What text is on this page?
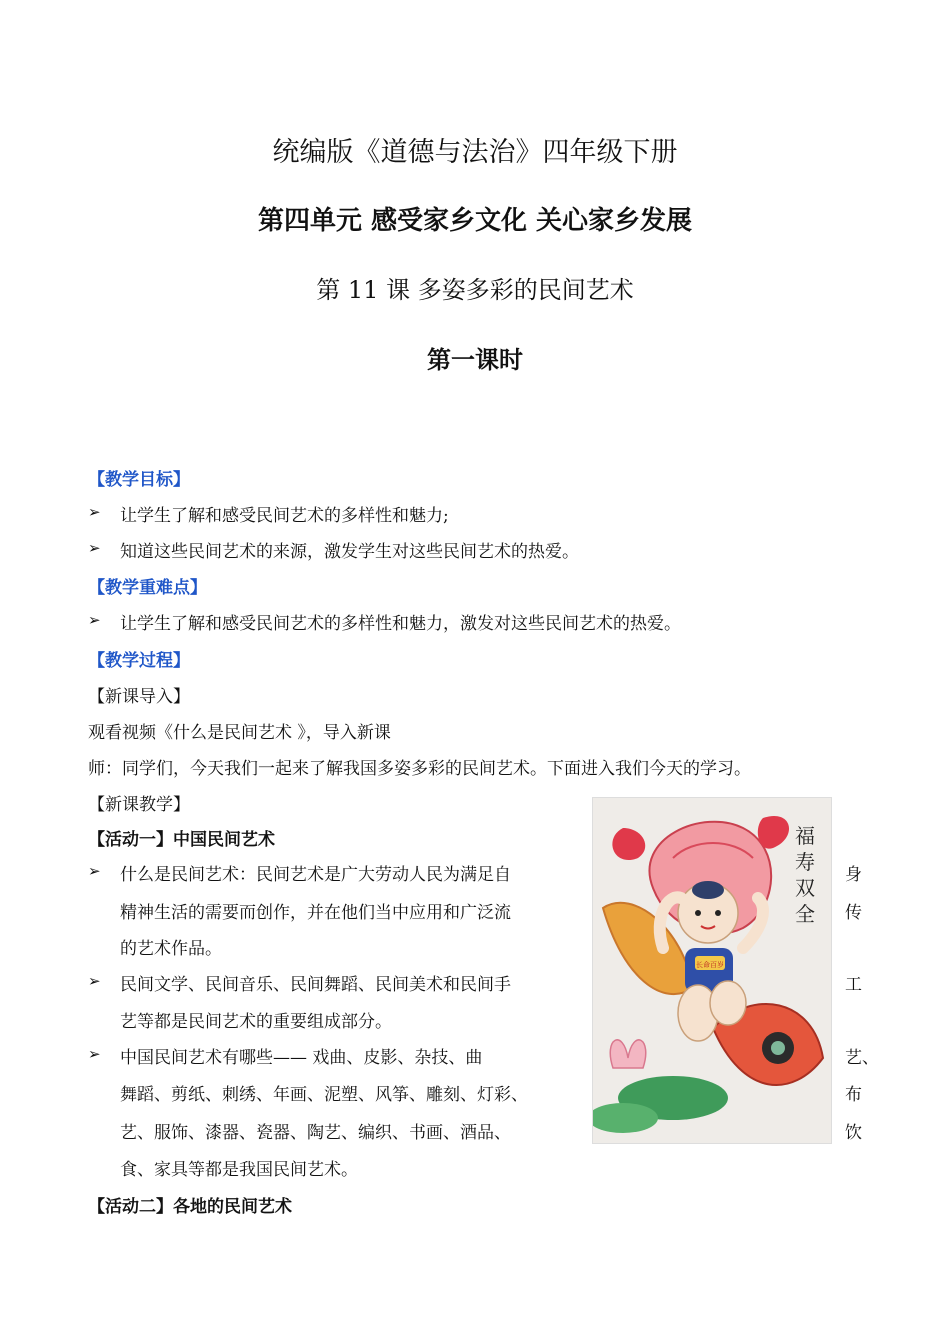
统编版《道德与法治》四年级下册
第四单元 感受家乡文化 关心家乡发展
第 11 课 多姿多彩的民间艺术
第一课时
【教学目标】
➢ 让学生了解和感受民间艺术的多样性和魅力;
➢ 知道这些民间艺术的来源，激发学生对这些民间艺术的热爱。
【教学重难点】
➢ 让学生了解和感受民间艺术的多样性和魅力，激发对这些民间艺术的热爱。
【教学过程】
【新课导入】
观看视频《什么是民间艺术 》，导入新课
师：同学们，今天我们一起来了解我国多姿多彩的民间艺术。下面进入我们今天的学习。
【新课教学】
【活动一】中国民间艺术
➢ 什么是民间艺术：民间艺术是广大劳动人民为满足自	身
精神生活的需要而创作，并在他们当中应用和广泛流	传
的艺术作品。
➢ 民间文学、民间音乐、民间舞蹈、民间美术和民间手	工
艺等都是民间艺术的重要组成部分。
➢ 中国民间艺术有哪些—— 戏曲、皮影、杂技、曲	艺、
舞蹈、剪纸、刺绣、年画、泥塑、风筝、雕刻、灯彩、	布
艺、服饰、漆器、瓷器、陶艺、编织、书画、酒品、	饮
食、家具等都是我国民间艺术。
【活动二】各地的民间艺术
长命百岁
福
寿
双
全
